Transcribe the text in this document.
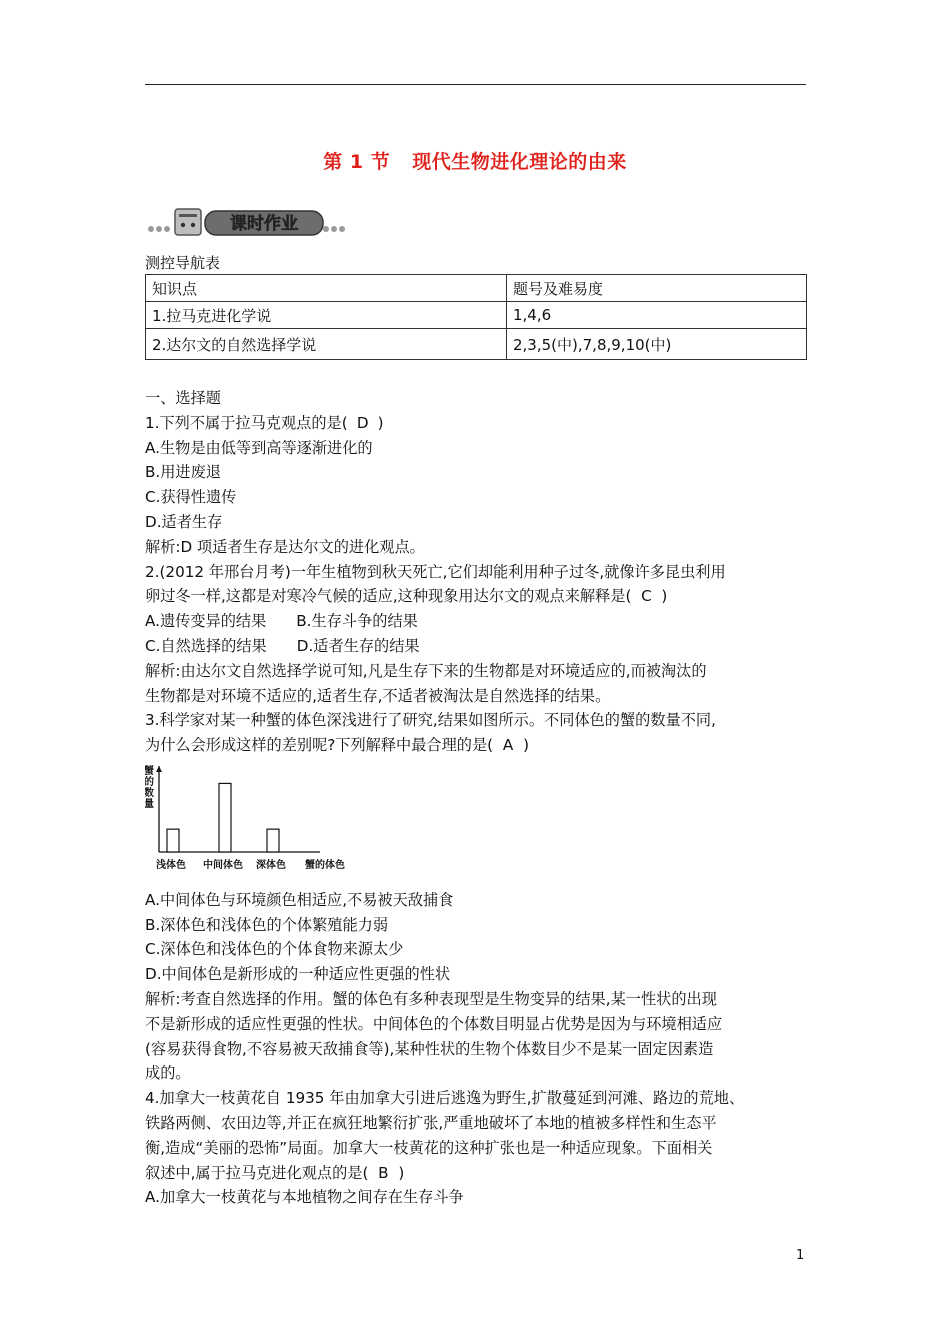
第 1 节 现代生物进化理论的由来
课时作业
测控导航表
知识点	题号及难易度
1.拉马克进化学说	1,4,6
2.达尔文的自然选择学说	2,3,5(中),7,8,9,10(中)

一、选择题

1.下列不属于拉马克观点的是( D )

A.生物是由低等到高等逐渐进化的

B.用进废退

C.获得性遗传

D.适者生存

解析:D 项适者生存是达尔文的进化观点。

2.(2012 年邢台月考)一年生植物到秋天死亡,它们却能利用种子过冬,就像许多昆虫利用

卵过冬一样,这都是对寒冷气候的适应,这种现象用达尔文的观点来解释是( C )

A.遗传变异的结果 B.生存斗争的结果

C.自然选择的结果 D.适者生存的结果

解析:由达尔文自然选择学说可知,凡是生存下来的生物都是对环境适应的,而被淘汰的

生物都是对环境不适应的,适者生存,不适者被淘汰是自然选择的结果。

3.科学家对某一种蟹的体色深浅进行了研究,结果如图所示。不同体色的蟹的数量不同,

为什么会形成这样的差别呢?下列解释中最合理的是( A )

蟹
的
数
量
浅体色 中间体色 深体色 蟹的体色

A.中间体色与环境颜色相适应,不易被天敌捕食

B.深体色和浅体色的个体繁殖能力弱

C.深体色和浅体色的个体食物来源太少

D.中间体色是新形成的一种适应性更强的性状

解析:考查自然选择的作用。蟹的体色有多种表现型是生物变异的结果,某一性状的出现

不是新形成的适应性更强的性状。中间体色的个体数目明显占优势是因为与环境相适应

(容易获得食物,不容易被天敌捕食等),某种性状的生物个体数目少不是某一固定因素造

成的。

4.加拿大一枝黄花自 1935 年由加拿大引进后逃逸为野生,扩散蔓延到河滩、路边的荒地、

铁路两侧、农田边等,并正在疯狂地繁衍扩张,严重地破坏了本地的植被多样性和生态平

衡,造成“美丽的恐怖”局面。加拿大一枝黄花的这种扩张也是一种适应现象。下面相关

叙述中,属于拉马克进化观点的是( B )

A.加拿大一枝黄花与本地植物之间存在生存斗争

1
